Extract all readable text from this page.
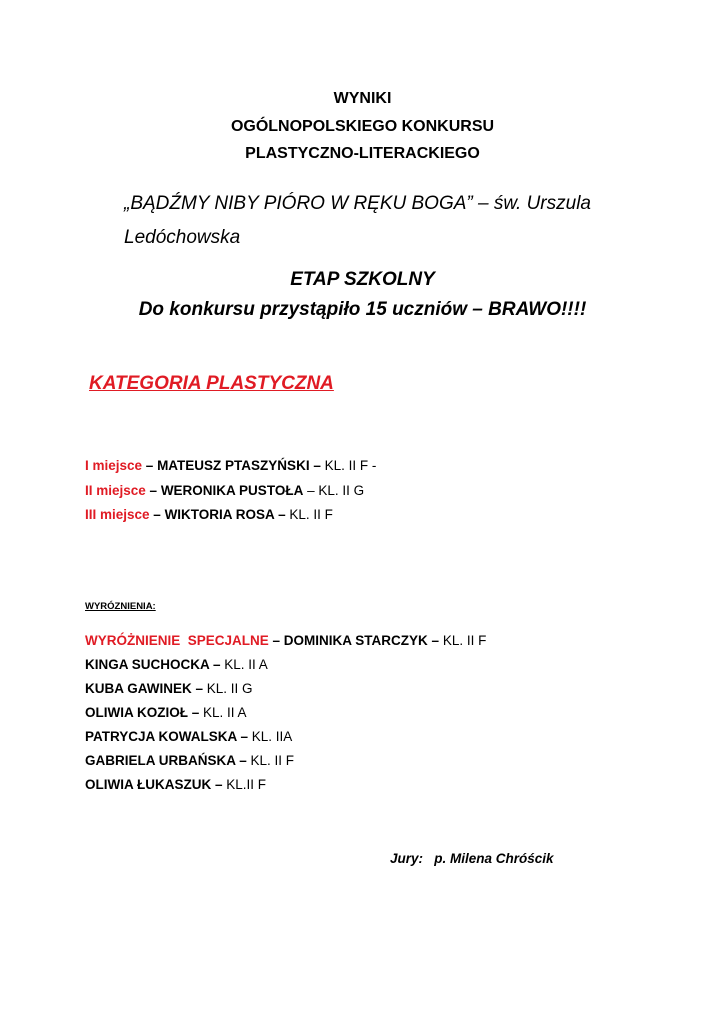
WYNIKI
OGÓLNOPOLSKIEGO KONKURSU
PLASTYCZNO-LITERACKIEGO
„BĄDŹMY NIBY PIÓRO W RĘKU BOGA” – św. Urszula
Ledóchowska
ETAP SZKOLNY
Do konkursu przystąpiło 15 uczniów – BRAWO!!!!
KATEGORIA PLASTYCZNA
I miejsce – MATEUSZ PTASZYŃSKI – KL. II F -
II miejsce – WERONIKA PUSTOŁA – KL. II G
III miejsce – WIKTORIA ROSA – KL. II F
WYRÓZNIENIA:
WYRÓŻNIENIE  SPECJALNE – DOMINIKA STARCZYK – KL. II F
KINGA SUCHOCKA – KL. II A
KUBA GAWINEK – KL. II G
OLIWIA KOZIOŁ – KL. II A
PATRYCJA KOWALSKA – KL. IIA
GABRIELA URBAŃSKA – KL. II F
OLIWIA ŁUKASZUK – KL.II F
Jury: p. Milena Chróścik
